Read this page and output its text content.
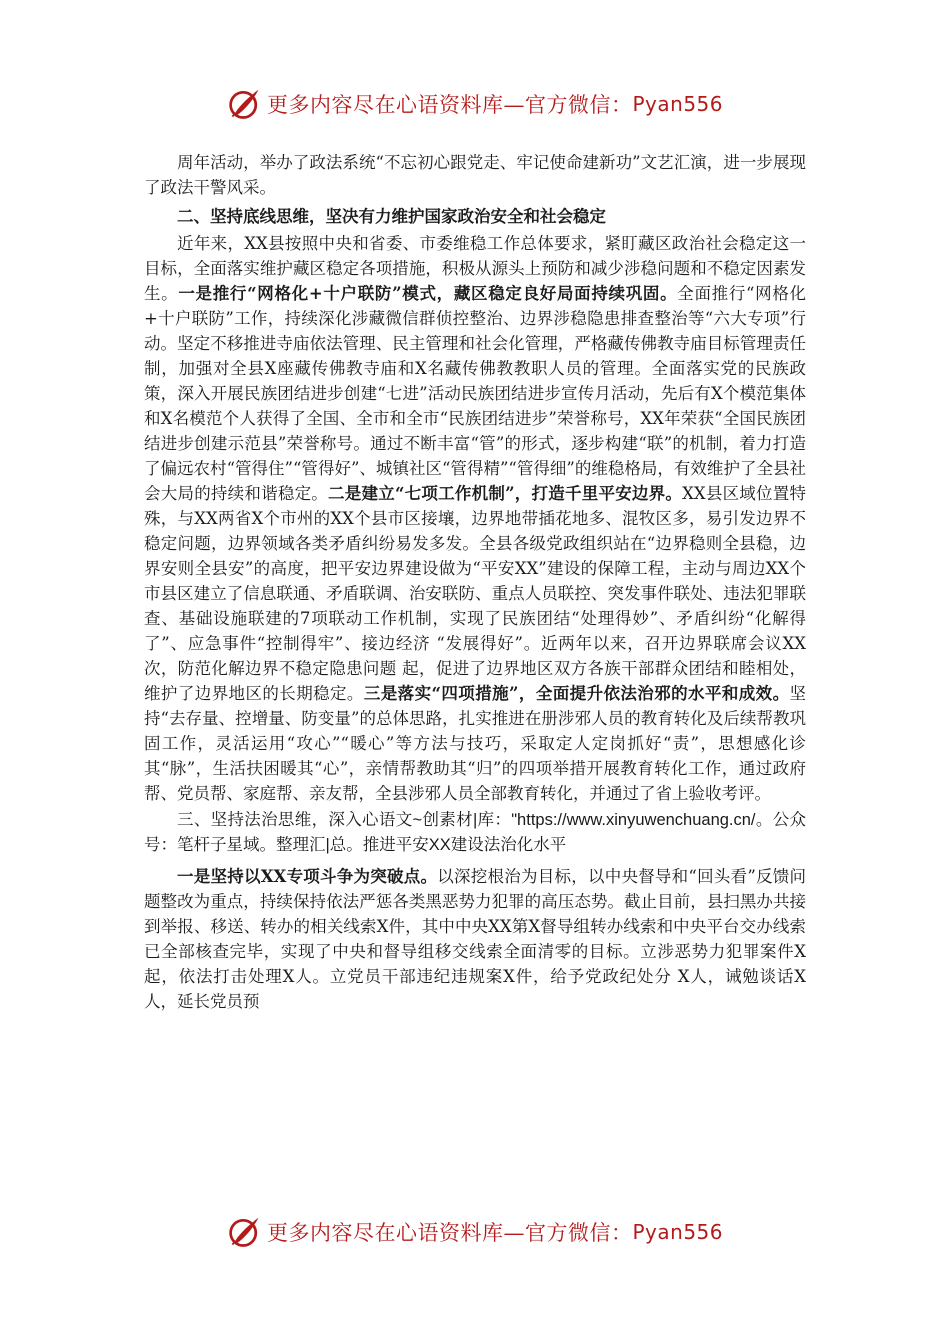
更多内容尽在心语资料库—官方微信： Pyan556

周年活动，举办了政法系统“不忘初心跟党走、牢记使命建新功”文艺汇演，进一步展现了政法干警风采。

二、坚持底线思维，坚决有力维护国家政治安全和社会稳定

近年来，XX县按照中央和省委、市委维稳工作总体要求，紧盯藏区政治社会稳定这一目标，全面落实维护藏区稳定各项措施，积极从源头上预防和减少涉稳问题和不稳定因素发生。一是推行“网格化+十户联防”模式，藏区稳定良好局面持续巩固。全面推行“网格化+十户联防”工作，持续深化涉藏微信群侦控整治、边界涉稳隐患排查整治等“六大专项”行动。坚定不移推进寺庙依法管理、民主管理和社会化管理，严格藏传佛教寺庙目标管理责任制，加强对全县X座藏传佛教寺庙和X名藏传佛教教职人员的管理。全面落实党的民族政策，深入开展民族团结进步创建“七进”活动民族团结进步宣传月活动，先后有X个模范集体和X名模范个人获得了全国、全市和全市“民族团结进步”荣誉称号，XX年荣获“全国民族团结进步创建示范县”荣誉称号。通过不断丰富“管”的形式，逐步构建“联”的机制，着力打造了偏远农村“管得住”“管得好”、城镇社区“管得精”“管得细”的维稳格局，有效维护了全县社会大局的持续和谐稳定。二是建立“七项工作机制”，打造千里平安边界。XX县区域位置特殊，与XX两省X个市州的XX个县市区接壤，边界地带插花地多、混牧区多，易引发边界不稳定问题，边界领域各类矛盾纠纷易发多发。全县各级党政组织站在“边界稳则全县稳，边界安则全县安”的高度，把平安边界建设做为“平安XX”建设的保障工程，主动与周边XX个市县区建立了信息联通、矛盾联调、治安联防、重点人员联控、突发事件联处、违法犯罪联查、基础设施联建的7项联动工作机制，实现了民族团结“处理得妙”、矛盾纠纷“化解得了”、应急事件“控制得牢”、接边经济 “发展得好”。近两年以来，召开边界联席会议XX次，防范化解边界不稳定隐患问题 起，促进了边界地区双方各族干部群众团结和睦相处，维护了边界地区的长期稳定。三是落实“四项措施”，全面提升依法治邪的水平和成效。坚持“去存量、控增量、防变量”的总体思路，扎实推进在册涉邪人员的教育转化及后续帮教巩固工作，灵活运用“攻心”“暖心”等方法与技巧，采取定人定岗抓好“责”，思想感化诊其“脉”，生活扶困暖其“心”，亲情帮教助其“归”的四项举措开展教育转化工作，通过政府帮、党员帮、家庭帮、亲友帮，全县涉邪人员全部教育转化，并通过了省上验收考评。

三、坚持法治思维，深入心语文~创素材|库："https://www.xinyuwenchuang.cn/。公众号：笔杆子星域。整理汇|总。推进平安XX建设法治化水平

一是坚持以XX专项斗争为突破点。以深挖根治为目标，以中央督导和“回头看”反馈问题整改为重点，持续保持依法严惩各类黑恶势力犯罪的高压态势。截止目前，县扫黑办共接到举报、移送、转办的相关线索X件，其中中央XX第X督导组转办线索和中央平台交办线索已全部核查完毕，实现了中央和督导组移交线索全面清零的目标。立涉恶势力犯罪案件X起，依法打击处理X人。立党员干部违纪违规案X件，给予党政纪处分 X人，诫勉谈话X人，延长党员预

更多内容尽在心语资料库—官方微信： Pyan556
